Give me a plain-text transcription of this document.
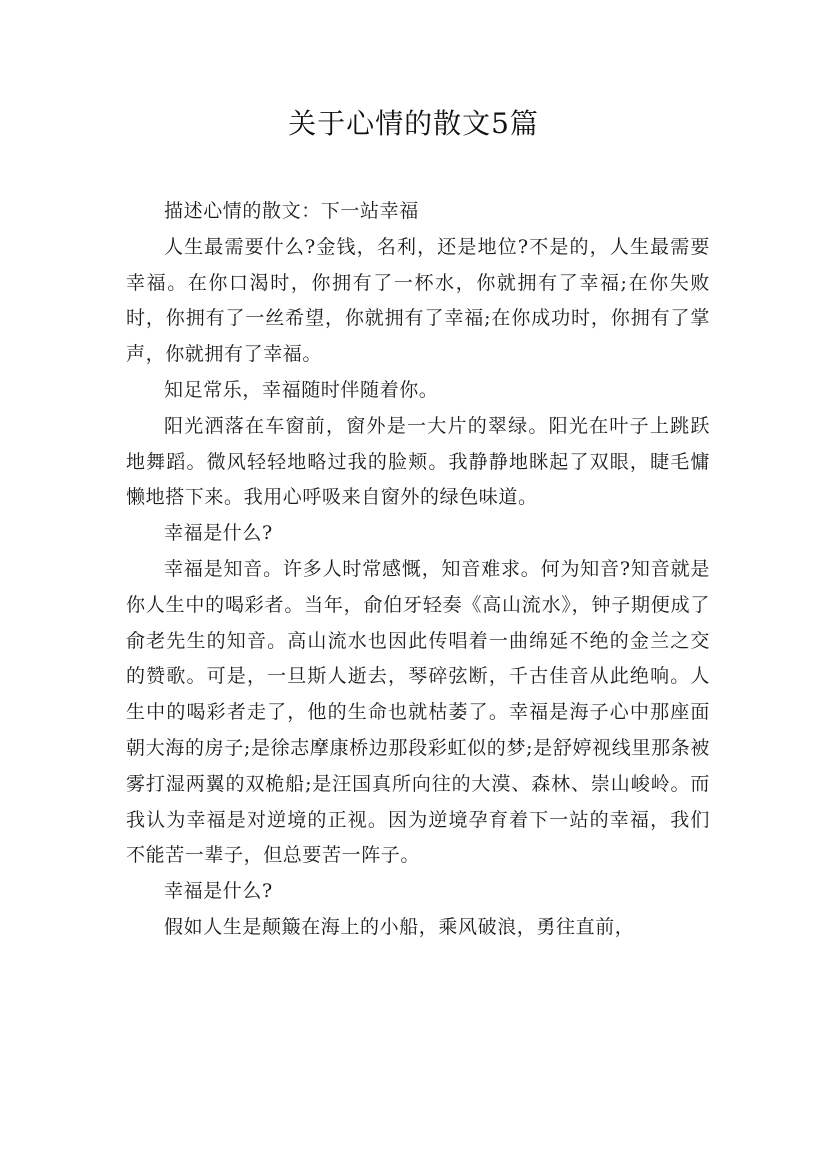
关于心情的散文5篇

描述心情的散文：下一站幸福

人生最需要什么?金钱，名利，还是地位?不是的，人生最需要幸福。在你口渴时，你拥有了一杯水，你就拥有了幸福;在你失败时，你拥有了一丝希望，你就拥有了幸福;在你成功时，你拥有了掌声，你就拥有了幸福。

知足常乐，幸福随时伴随着你。

阳光洒落在车窗前，窗外是一大片的翠绿。阳光在叶子上跳跃地舞蹈。微风轻轻地略过我的脸颊。我静静地眯起了双眼，睫毛慵懒地搭下来。我用心呼吸来自窗外的绿色味道。

幸福是什么?

幸福是知音。许多人时常感慨，知音难求。何为知音?知音就是你人生中的喝彩者。当年，俞伯牙轻奏《高山流水》，钟子期便成了俞老先生的知音。高山流水也因此传唱着一曲绵延不绝的金兰之交的赞歌。可是，一旦斯人逝去，琴碎弦断，千古佳音从此绝响。人生中的喝彩者走了，他的生命也就枯萎了。幸福是海子心中那座面朝大海的房子;是徐志摩康桥边那段彩虹似的梦;是舒婷视线里那条被雾打湿两翼的双桅船;是汪国真所向往的大漠、森林、崇山峻岭。而我认为幸福是对逆境的正视。因为逆境孕育着下一站的幸福，我们不能苦一辈子，但总要苦一阵子。

幸福是什么?

假如人生是颠簸在海上的小船，乘风破浪，勇往直前，
